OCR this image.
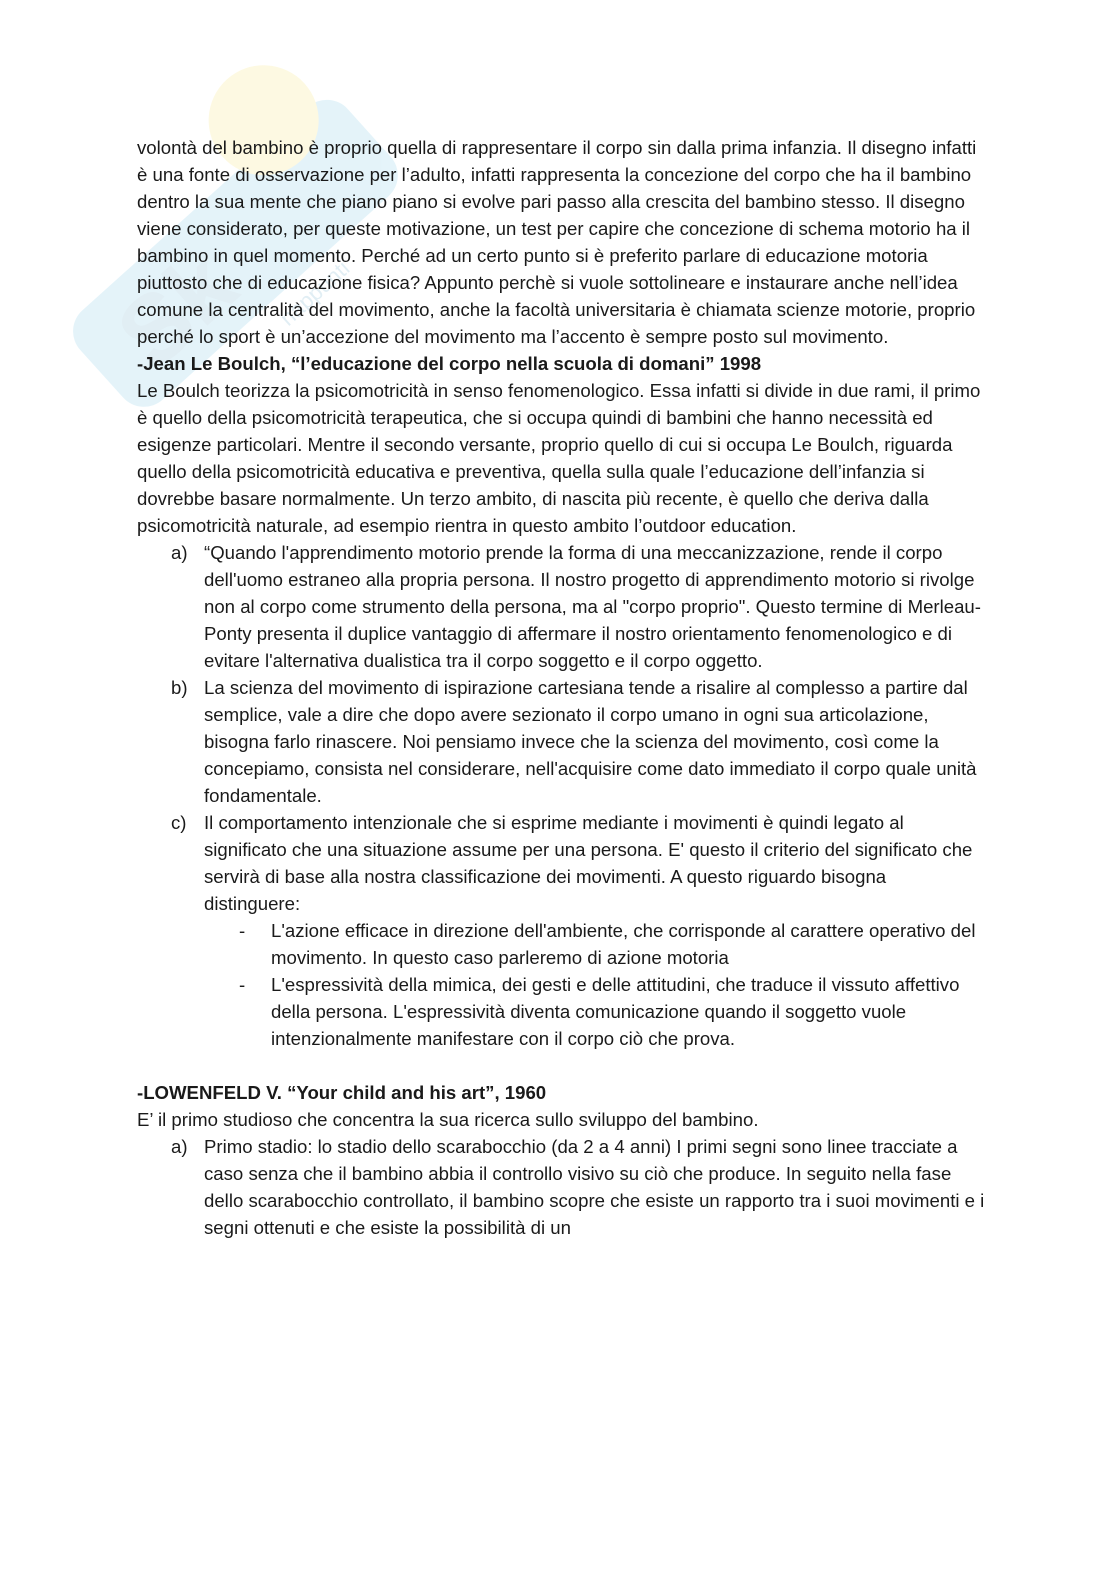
Sk nappunti

volontà del bambino è proprio quella di rappresentare il corpo sin dalla prima infanzia. Il disegno infatti è una fonte di osservazione per l’adulto, infatti rappresenta la concezione del corpo che ha il bambino dentro la sua mente che piano piano si evolve pari passo alla crescita del bambino stesso. Il disegno viene considerato, per queste motivazione, un test per capire che concezione di schema motorio ha il bambino in quel momento. Perché ad un certo punto si è preferito parlare di educazione motoria piuttosto che di educazione fisica? Appunto perchè si vuole sottolineare e instaurare anche nell’idea comune la centralità del movimento, anche la facoltà universitaria è chiamata scienze motorie, proprio perché lo sport è un’accezione del movimento ma l’accento è sempre posto sul movimento.

-Jean Le Boulch, “l’educazione del corpo nella scuola di domani” 1998

Le Boulch teorizza la psicomotricità in senso fenomenologico. Essa infatti si divide in due rami, il primo è quello della psicomotricità terapeutica, che si occupa quindi di bambini che hanno necessità ed esigenze particolari. Mentre il secondo versante, proprio quello di cui si occupa Le Boulch, riguarda quello della psicomotricità educativa e preventiva, quella sulla quale l’educazione dell’infanzia si dovrebbe basare normalmente. Un terzo ambito, di nascita più recente, è quello che deriva dalla psicomotricità naturale, ad esempio rientra in questo ambito l’outdoor education.

a) “Quando l'apprendimento motorio prende la forma di una meccanizzazione, rende il corpo dell'uomo estraneo alla propria persona. Il nostro progetto di apprendimento motorio si rivolge non al corpo come strumento della persona, ma al "corpo proprio". Questo termine di Merleau-Ponty presenta il duplice vantaggio di affermare il nostro orientamento fenomenologico e di evitare l'alternativa dualistica tra il corpo soggetto e il corpo oggetto.
b) La scienza del movimento di ispirazione cartesiana tende a risalire al complesso a partire dal semplice, vale a dire che dopo avere sezionato il corpo umano in ogni sua articolazione, bisogna farlo rinascere. Noi pensiamo invece che la scienza del movimento, così come la concepiamo, consista nel considerare, nell'acquisire come dato immediato il corpo quale unità fondamentale.
c) Il comportamento intenzionale che si esprime mediante i movimenti è quindi legato al significato che una situazione assume per una persona. E' questo il criterio del significato che servirà di base alla nostra classificazione dei movimenti. A questo riguardo bisogna distinguere:
- L'azione efficace in direzione dell'ambiente, che corrisponde al carattere operativo del movimento. In questo caso parleremo di azione motoria
- L'espressività della mimica, dei gesti e delle attitudini, che traduce il vissuto affettivo della persona. L'espressività diventa comunicazione quando il soggetto vuole intenzionalmente manifestare con il corpo ciò che prova.

-LOWENFELD V. “Your child and his art”, 1960

E’ il primo studioso che concentra la sua ricerca sullo sviluppo del bambino.

a) Primo stadio: lo stadio dello scarabocchio (da 2 a 4 anni) I primi segni sono linee tracciate a caso senza che il bambino abbia il controllo visivo su ciò che produce. In seguito nella fase dello scarabocchio controllato, il bambino scopre che esiste un rapporto tra i suoi movimenti e i segni ottenuti e che esiste la possibilità di un
